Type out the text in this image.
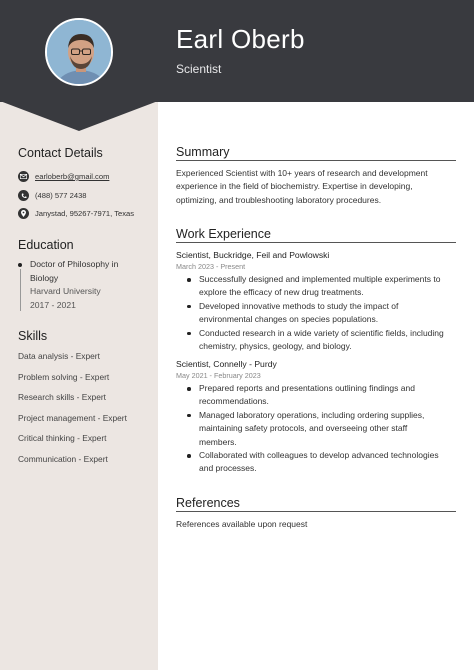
Earl Oberb
Scientist
Contact Details
earloberb@gmail.com
(488) 577 2438
Janystad, 95267-7971, Texas
Education
Doctor of Philosophy in
Biology
Harvard University
2017 - 2021
Skills
Data analysis - Expert
Problem solving - Expert
Research skills - Expert
Project management - Expert
Critical thinking - Expert
Communication - Expert
Summary
Experienced Scientist with 10+ years of research and development
experience in the field of biochemistry. Expertise in developing,
optimizing, and troubleshooting laboratory procedures.
Work Experience
Scientist, Buckridge, Feil and Powlowski
March 2023 - Present
Successfully designed and implemented multiple experiments to
explore the efficacy of new drug treatments.
Developed innovative methods to study the impact of
environmental changes on species populations.
Conducted research in a wide variety of scientific fields, including
chemistry, physics, geology, and biology.
Scientist, Connelly - Purdy
May 2021 - February 2023
Prepared reports and presentations outlining findings and
recommendations.
Managed laboratory operations, including ordering supplies,
maintaining safety protocols, and overseeing other staff
members.
Collaborated with colleagues to develop advanced technologies
and processes.
References
References available upon request
